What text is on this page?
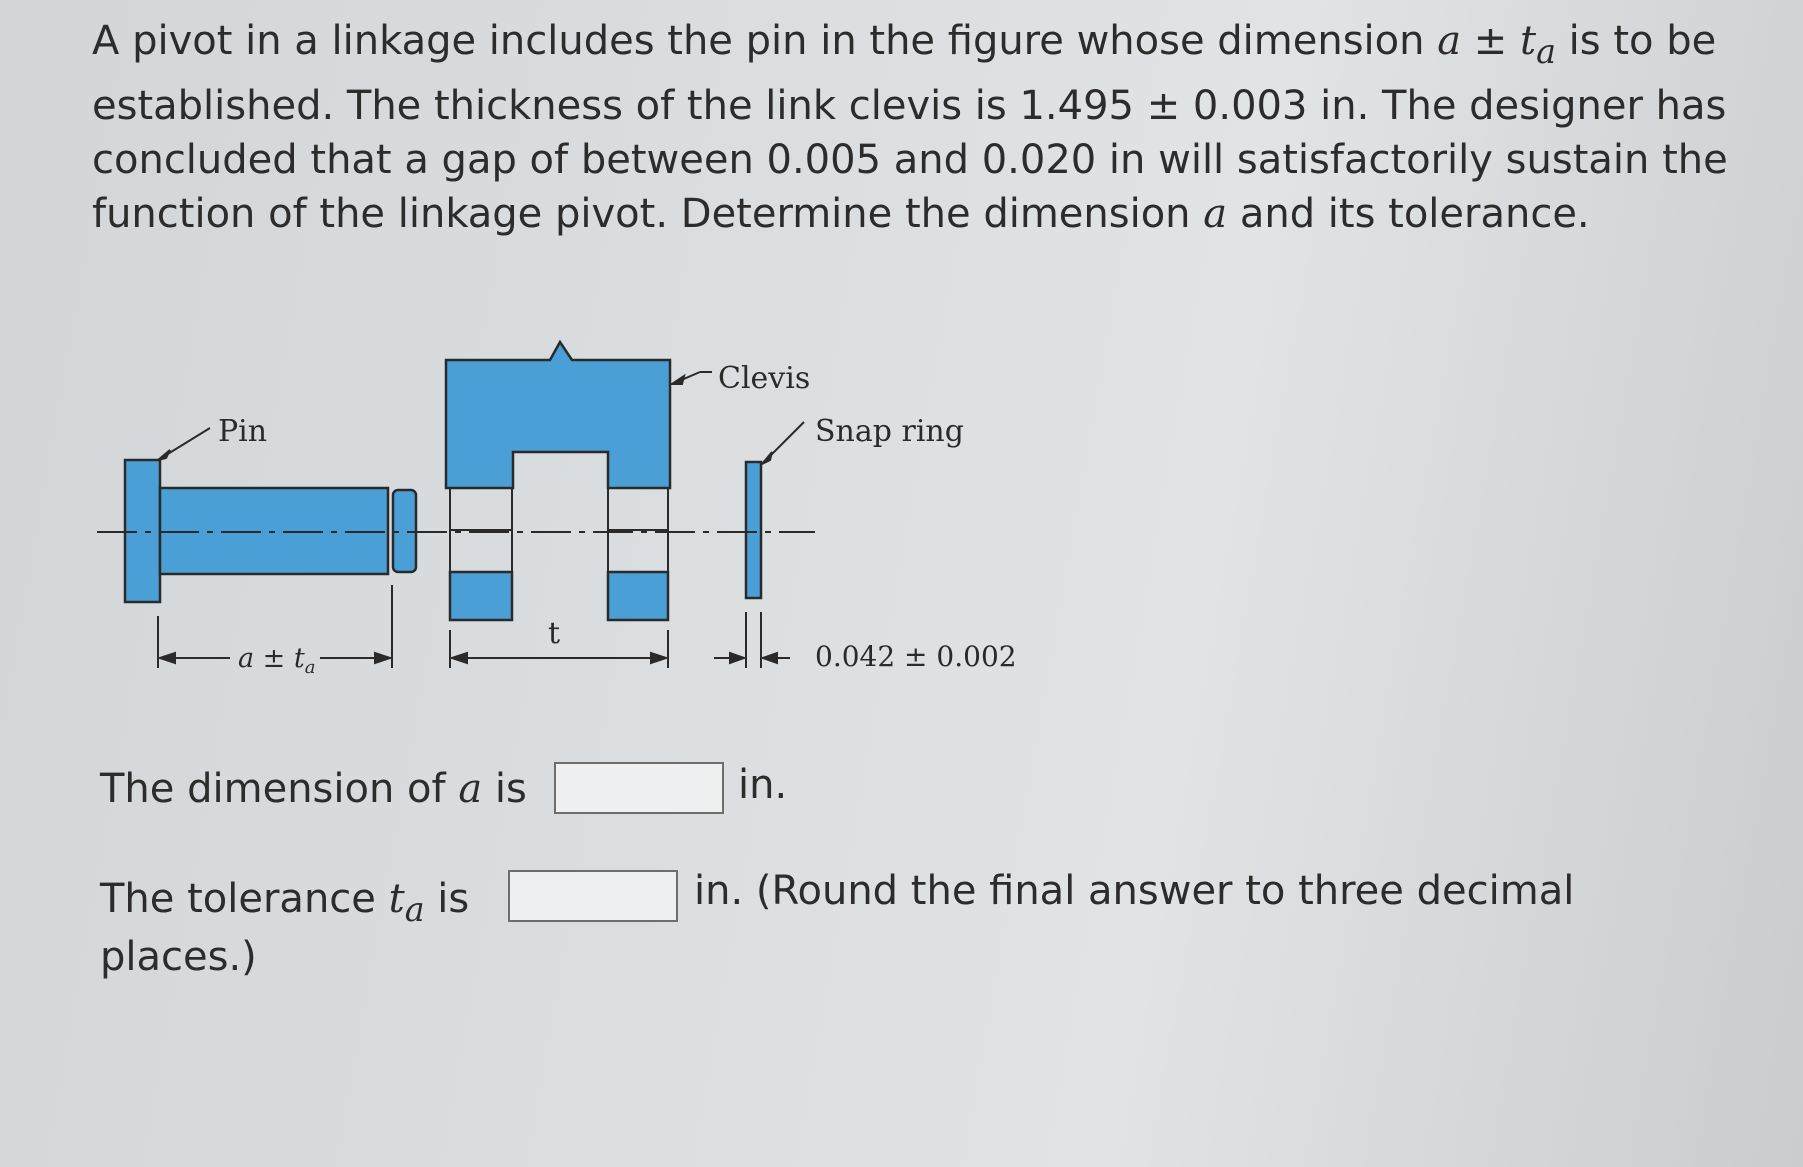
A pivot in a linkage includes the pin in the figure whose dimension $a \pm t_a$ is to be established. The thickness of the link clevis is 1.495 ± 0.003 in. The designer has concluded that a gap of between 0.005 and 0.020 in will satisfactorily sustain the function of the linkage pivot. Determine the dimension a and its tolerance.
Clevis
Pin	Snap ring
$a \pm t_a$
t
0.042 ± 0.002
The dimension of a is	in.
The tolerance $t_a$ is	in. (Round the final answer to three decimal
places.)
